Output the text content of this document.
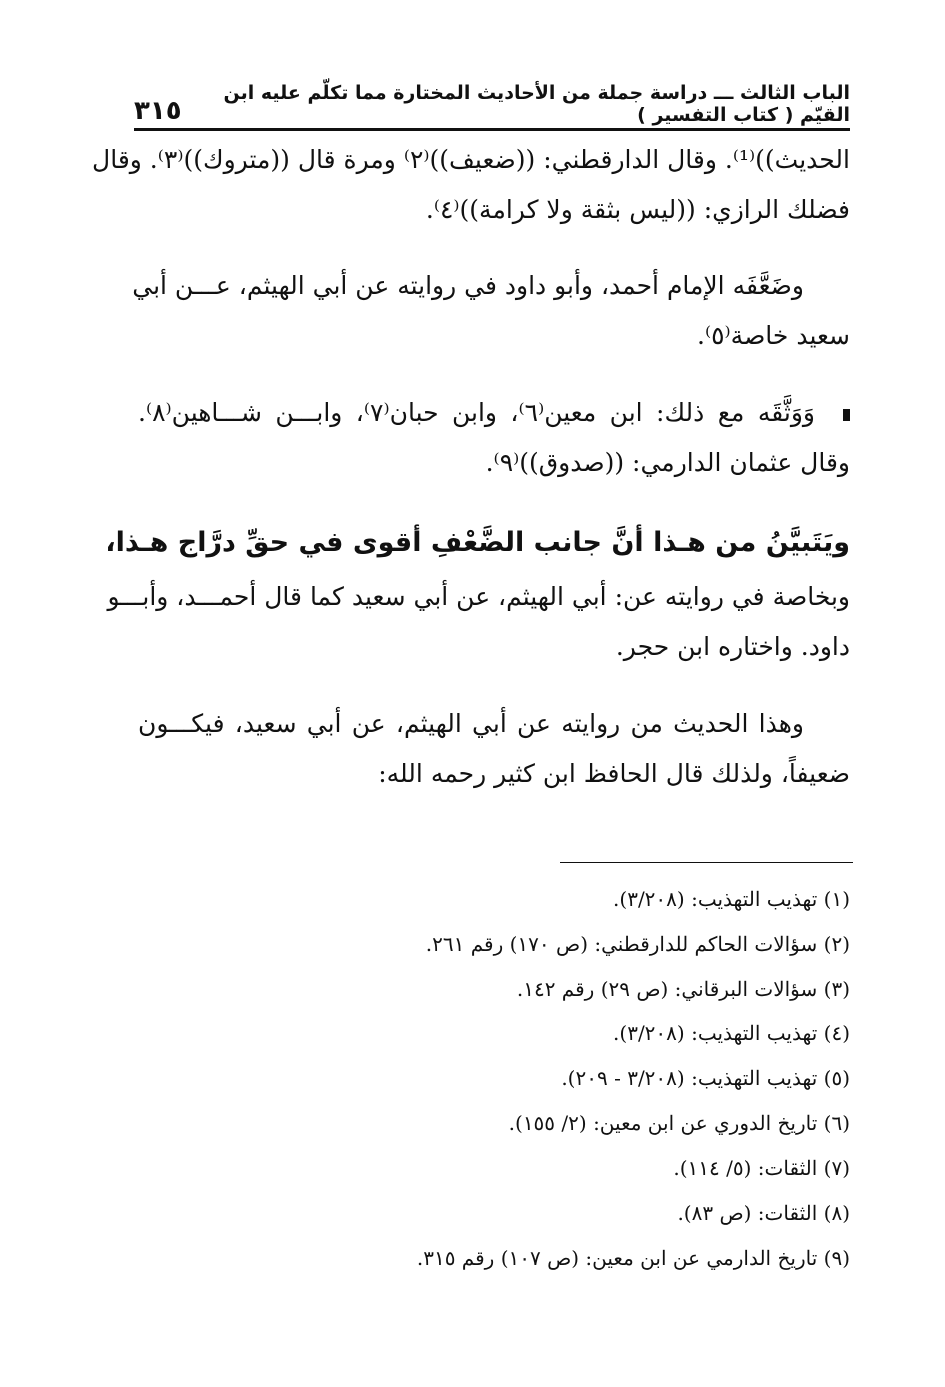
الباب الثالث ـــ دراسة جملة من الأحاديث المختارة مما تكلّم عليه ابن القيّم ( كتاب التفسير )
٣١٥
الحديث))⁽¹⁾. وقال الدارقطني: ((ضعيف))⁽٢⁾ ومرة قال ((متروك))⁽٣⁾. وقال
فضلك الرازي: ((ليس بثقة ولا كرامة))⁽٤⁾.
وضَعَّفَه الإمام أحمد، وأبو داود في روايته عن أبي الهيثم، عـــن أبي
سعيد خاصة⁽٥⁾.
وَوَثَّقَه مع ذلك: ابن معين⁽٦⁾، وابن حبان⁽٧⁾، وابـــن شـــاهين⁽٨⁾.
وقال عثمان الدارمي: ((صدوق))⁽٩⁾.
ويَتَبيَّنُ من هـذا أنَّ جانب الضَّعْفِ أقوى في حقِّ درَّاج هـذا،
وبخاصة في روايته عن: أبي الهيثم، عن أبي سعيد كما قال أحمـــد، وأبـــو
داود. واختاره ابن حجر.
وهذا الحديث من روايته عن أبي الهيثم، عن أبي سعيد، فيكـــون
ضعيفاً، ولذلك قال الحافظ ابن كثير رحمه الله:
(١) تهذيب التهذيب: (٣/٢٠٨).
(٢) سؤالات الحاكم للدارقطني: (ص ١٧٠) رقم ٢٦١.
(٣) سؤالات البرقاني: (ص ٢٩) رقم ١٤٢.
(٤) تهذيب التهذيب: (٣/٢٠٨).
(٥) تهذيب التهذيب: (٣/٢٠٨ - ٢٠٩).
(٦) تاريخ الدوري عن ابن معين: (٢/ ١٥٥).
(٧) الثقات: (٥/ ١١٤).
(٨) الثقات: (ص ٨٣).
(٩) تاريخ الدارمي عن ابن معين: (ص ١٠٧) رقم ٣١٥.
